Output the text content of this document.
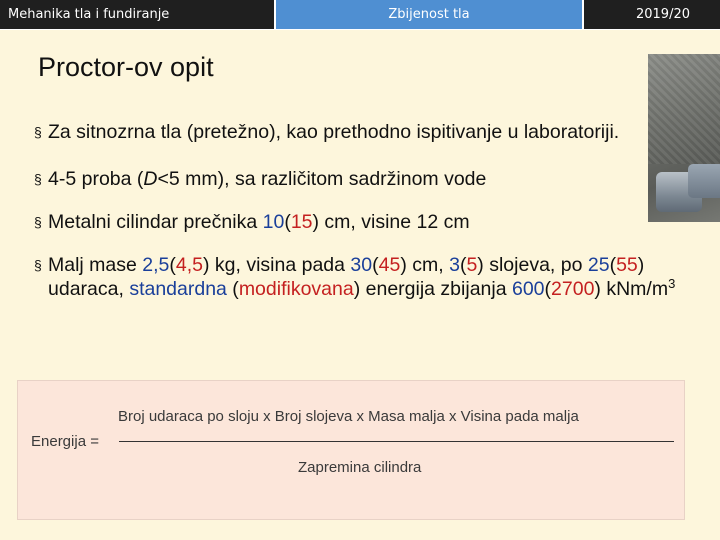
Mehanika tla i fundiranje	Zbijenost tla	2019/20
Proctor-ov opit
§ Za sitnozrna tla (pretežno), kao prethodno ispitivanje u laboratoriji.
§ 4-5 proba (D<5 mm), sa različitom sadržinom vode
§ Metalni cilindar prečnika 10(15) cm, visine 12 cm
§ Malj mase 2,5(4,5) kg, visina pada 30(45) cm, 3(5) slojeva, po 25(55) udaraca, standardna (modifikovana) energija zbijanja 600(2700) kNm/$m^3$
Energija =
Broj udaraca po sloju x Broj slojeva x Masa malja x Visina pada malja
Zapremina cilindra
